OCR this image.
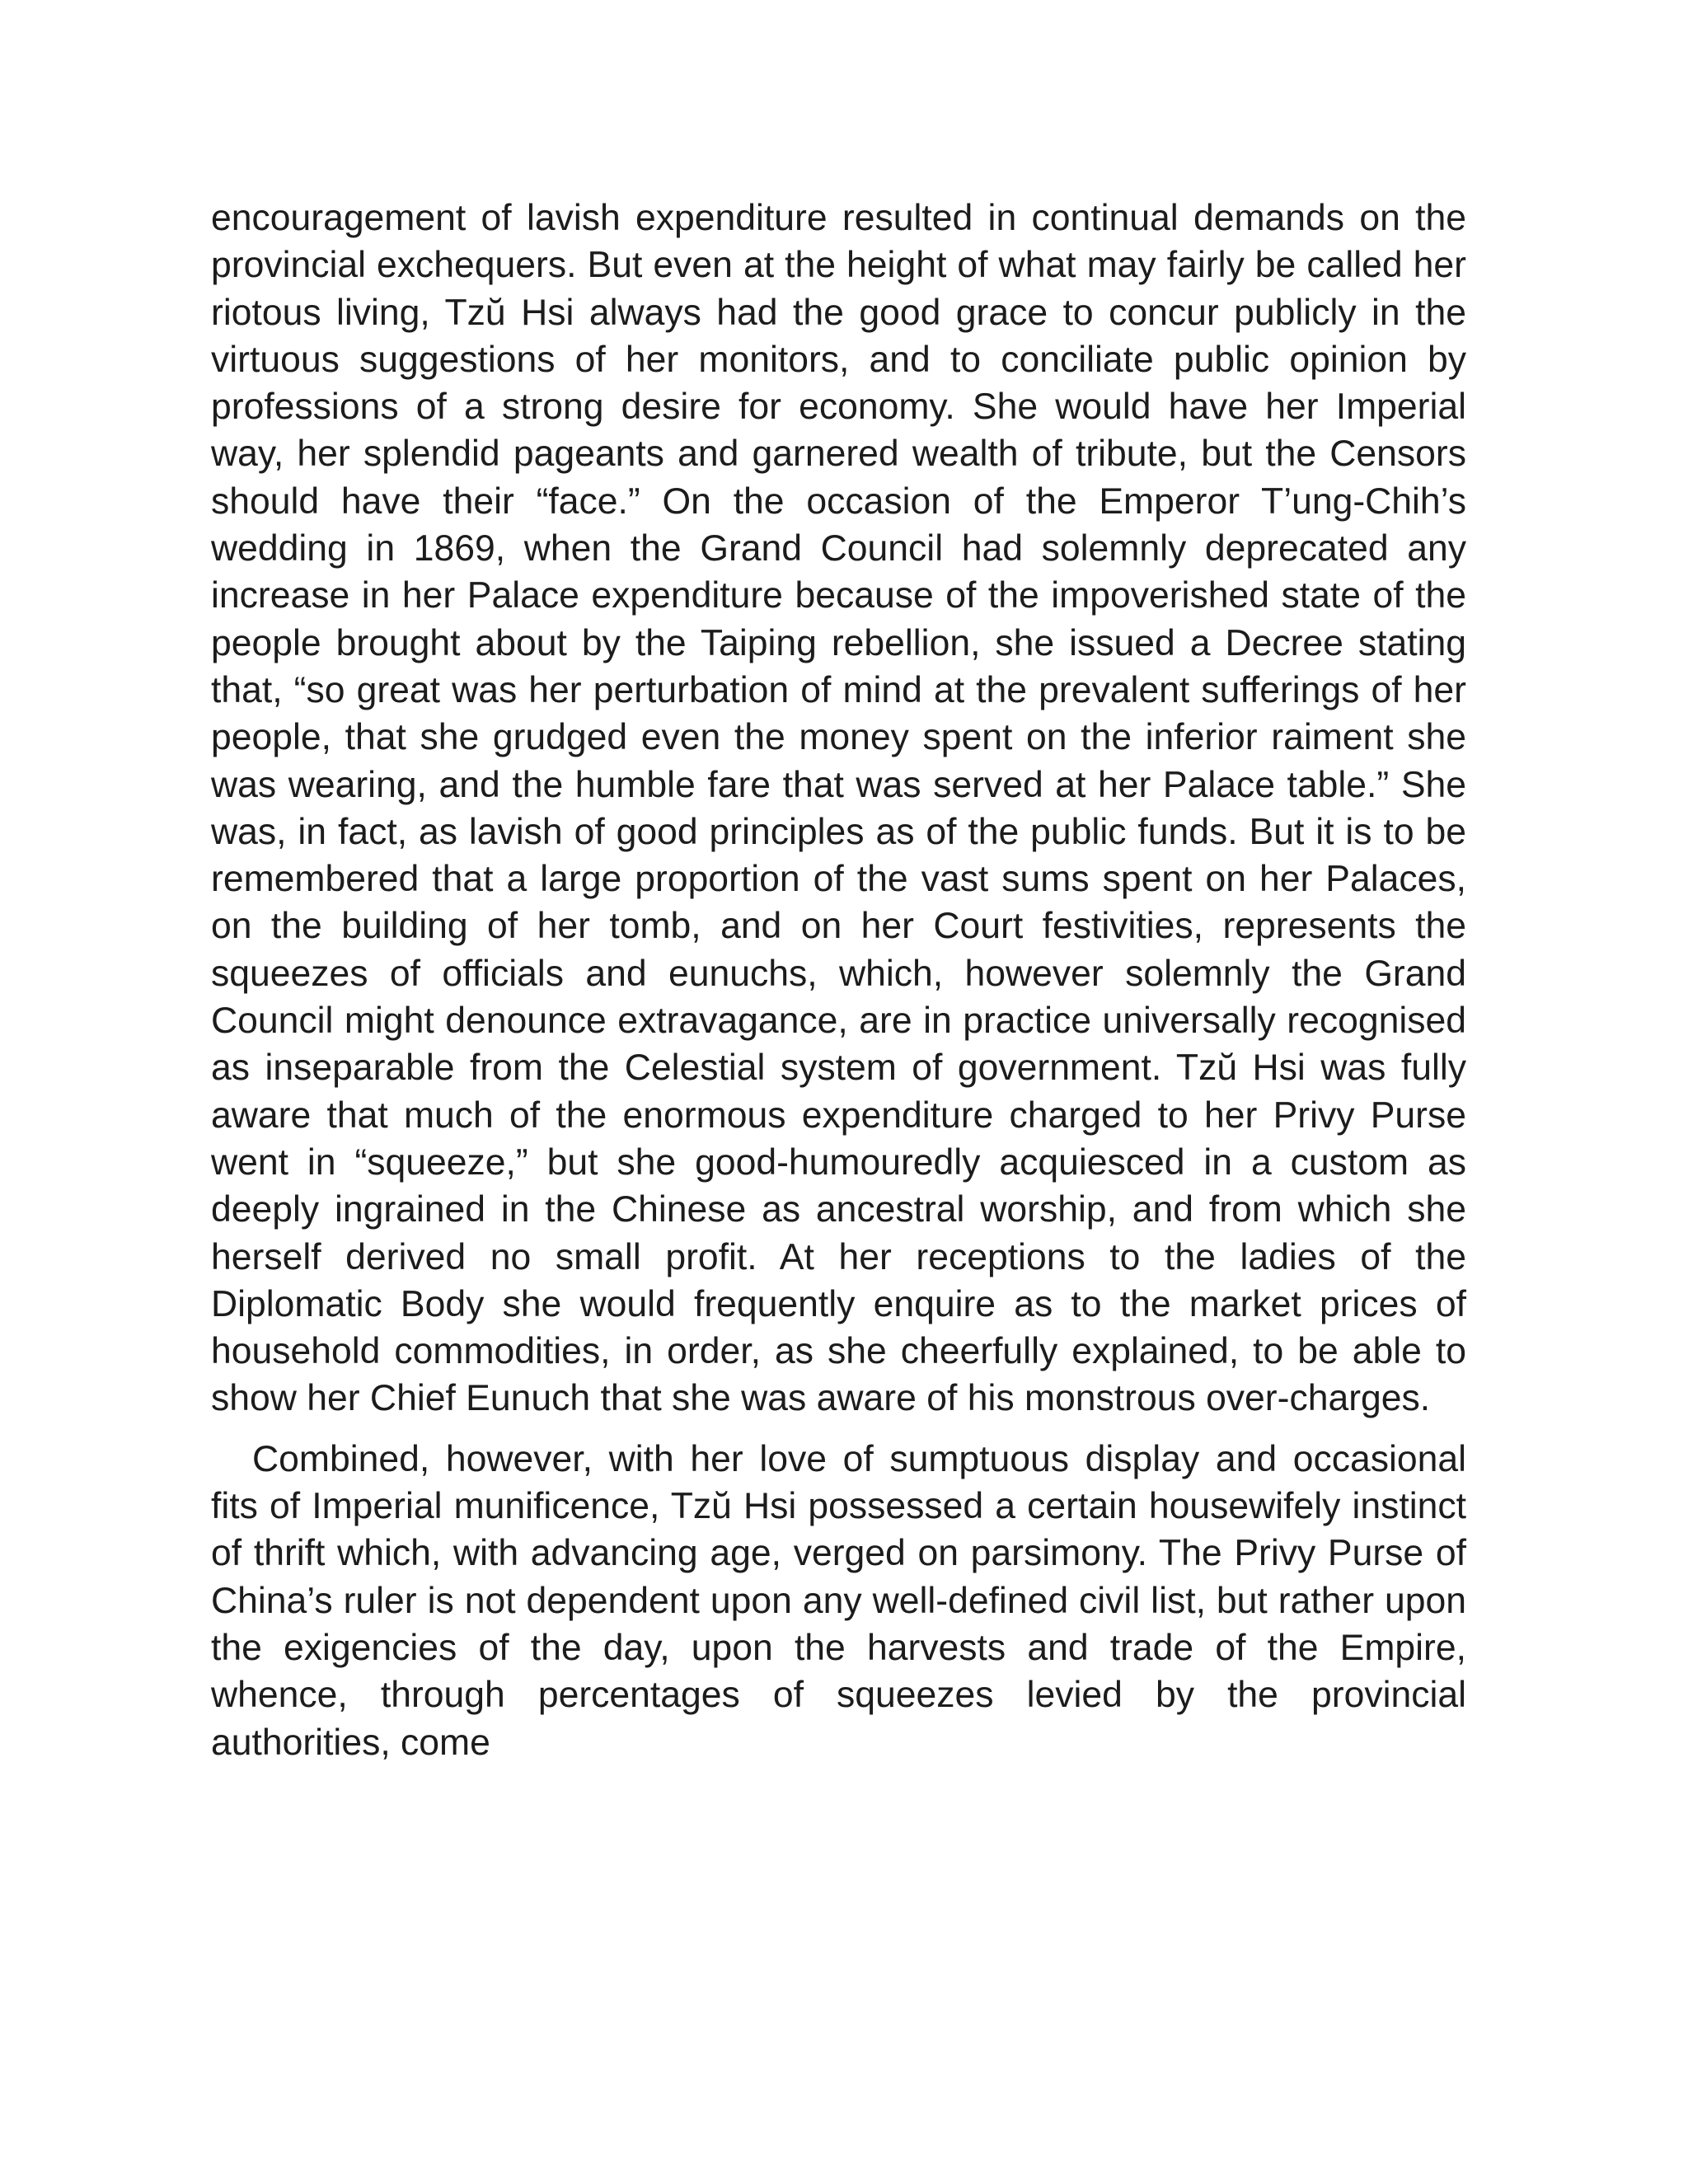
encouragement of lavish expenditure resulted in continual demands on the provincial exchequers. But even at the height of what may fairly be called her riotous living, Tzŭ Hsi always had the good grace to concur publicly in the virtuous suggestions of her monitors, and to conciliate public opinion by professions of a strong desire for economy. She would have her Imperial way, her splendid pageants and garnered wealth of tribute, but the Censors should have their “face.” On the occasion of the Emperor T’ung-Chih’s wedding in 1869, when the Grand Council had solemnly deprecated any increase in her Palace expenditure because of the impoverished state of the people brought about by the Taiping rebellion, she issued a Decree stating that, “so great was her perturbation of mind at the prevalent sufferings of her people, that she grudged even the money spent on the inferior raiment she was wearing, and the humble fare that was served at her Palace table.” She was, in fact, as lavish of good principles as of the public funds. But it is to be remembered that a large proportion of the vast sums spent on her Palaces, on the building of her tomb, and on her Court festivities, represents the squeezes of officials and eunuchs, which, however solemnly the Grand Council might denounce extravagance, are in practice universally recognised as inseparable from the Celestial system of government. Tzŭ Hsi was fully aware that much of the enormous expenditure charged to her Privy Purse went in “squeeze,” but she good-humouredly acquiesced in a custom as deeply ingrained in the Chinese as ancestral worship, and from which she herself derived no small profit. At her receptions to the ladies of the Diplomatic Body she would frequently enquire as to the market prices of household commodities, in order, as she cheerfully explained, to be able to show her Chief Eunuch that she was aware of his monstrous over-charges.

Combined, however, with her love of sumptuous display and occasional fits of Imperial munificence, Tzŭ Hsi possessed a certain housewifely instinct of thrift which, with advancing age, verged on parsimony. The Privy Purse of China’s ruler is not dependent upon any well-defined civil list, but rather upon the exigencies of the day, upon the harvests and trade of the Empire, whence, through percentages of squeezes levied by the provincial authorities, come
